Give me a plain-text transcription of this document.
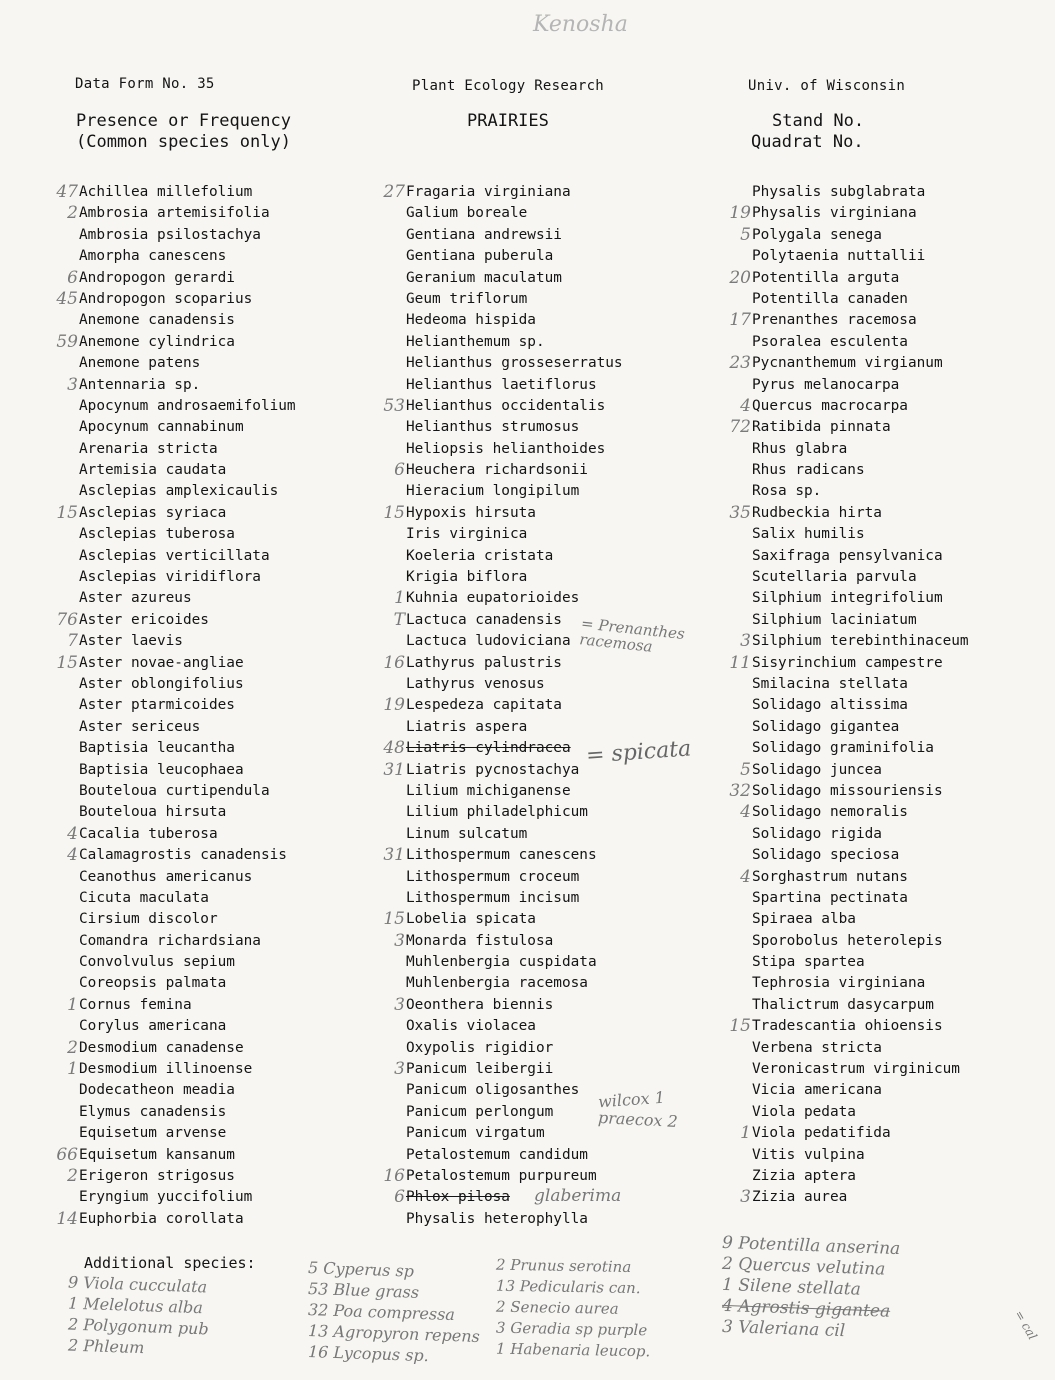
Kenosha
Data Form No. 35	Plant Ecology Research	Univ. of Wisconsin
Presence or Frequency
(Common species only)
PRAIRIES	Stand No.
Quadrat No.
47 Achillea millefolium
2 Ambrosia artemisifolia
Ambrosia psilostachya
Amorpha canescens
6 Andropogon gerardi
45 Andropogon scoparius
Anemone canadensis
59 Anemone cylindrica
Anemone patens
3 Antennaria sp.
Apocynum androsaemifolium
Apocynum cannabinum
Arenaria stricta
Artemisia caudata
Asclepias amplexicaulis
15 Asclepias syriaca
Asclepias tuberosa
Asclepias verticillata
Asclepias viridiflora
Aster azureus
76 Aster ericoides
7 Aster laevis
15 Aster novae-angliae
Aster oblongifolius
Aster ptarmicoides
Aster sericeus
Baptisia leucantha
Baptisia leucophaea
Bouteloua curtipendula
Bouteloua hirsuta
4 Cacalia tuberosa
4 Calamagrostis canadensis
Ceanothus americanus
Cicuta maculata
Cirsium discolor
Comandra richardsiana
Convolvulus sepium
Coreopsis palmata
1 Cornus femina
Corylus americana
2 Desmodium canadense
1 Desmodium illinoense
Dodecatheon meadia
Elymus canadensis
Equisetum arvense
66 Equisetum kansanum
2 Erigeron strigosus
Eryngium yuccifolium
14 Euphorbia corollata
27 Fragaria virginiana
Galium boreale
Gentiana andrewsii
Gentiana puberula
Geranium maculatum
Geum triflorum
Hedeoma hispida
Helianthemum sp.
Helianthus grosseserratus
Helianthus laetiflorus
53 Helianthus occidentalis
Helianthus strumosus
Heliopsis helianthoides
6 Heuchera richardsonii
Hieracium longipilum
15 Hypoxis hirsuta
Iris virginica
Koeleria cristata
Krigia biflora
1 Kuhnia eupatorioides
T Lactuca canadensis
Lactuca ludoviciana
16 Lathyrus palustris
Lathyrus venosus
19 Lespedeza capitata
Liatris aspera
48 Liatris cylindracea
31 Liatris pycnostachya
Lilium michiganense
Lilium philadelphicum
Linum sulcatum
31 Lithospermum canescens
Lithospermum croceum
Lithospermum incisum
15 Lobelia spicata
3 Monarda fistulosa
Muhlenbergia cuspidata
Muhlenbergia racemosa
3 Oeonthera biennis
Oxalis violacea
Oxypolis rigidior
3 Panicum leibergii
Panicum oligosanthes
Panicum perlongum
Panicum virgatum
Petalostemum candidum
16 Petalostemum purpureum
6 Phlox pilosa
Physalis heterophylla
Physalis subglabrata
19 Physalis virginiana
5 Polygala senega
Polytaenia nuttallii
20 Potentilla arguta
Potentilla canaden
17 Prenanthes racemosa
Psoralea esculenta
23 Pycnanthemum virgianum
Pyrus melanocarpa
4 Quercus macrocarpa
72 Ratibida pinnata
Rhus glabra
Rhus radicans
Rosa sp.
35 Rudbeckia hirta
Salix humilis
Saxifraga pensylvanica
Scutellaria parvula
Silphium integrifolium
Silphium laciniatum
3 Silphium terebinthinaceum
11 Sisyrinchium campestre
Smilacina stellata
Solidago altissima
Solidago gigantea
Solidago graminifolia
5 Solidago juncea
32 Solidago missouriensis
4 Solidago nemoralis
Solidago rigida
Solidago speciosa
4 Sorghastrum nutans
Spartina pectinata
Spiraea alba
Sporobolus heterolepis
Stipa spartea
Tephrosia virginiana
Thalictrum dasycarpum
15 Tradescantia ohioensis
Verbena stricta
Veronicastrum virginicum
Vicia americana
Viola pedata
1 Viola pedatifida
Vitis vulpina
Zizia aptera
3 Zizia aurea
= Prenanthes racemosa
= spicata
glaberima
wilcox 1
praecox 2
Additional species:
9 Viola cucculata
1 Melelotus alba
2 Polygonum pub
2 Phleum
5 Cyperus sp
53 Blue grass
32 Poa compressa
13 Agropyron repens
16 Lycopus sp.
2 Prunus serotina
13 Pedicularis can.
2 Senecio aurea
3 Geradia sp purple
1 Habenaria leucop.
9 Potentilla anserina
2 Quercus velutina
1 Silene stellata
4 Agrostis gigantea
3 Valeriana cil	= cal
